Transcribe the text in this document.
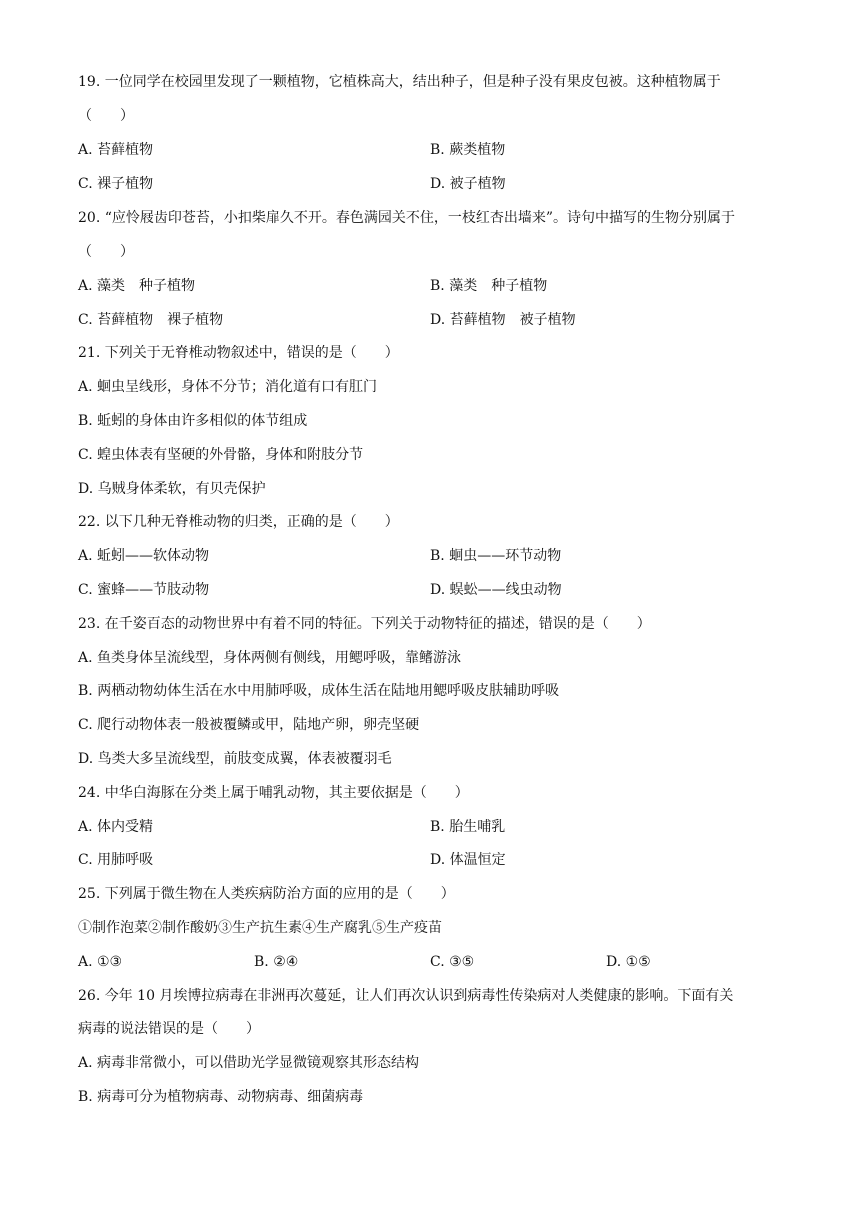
19. 一位同学在校园里发现了一颗植物，它植株高大，结出种子，但是种子没有果皮包被。这种植物属于
（　　）
A. 苔藓植物	B. 蕨类植物
C. 裸子植物	D. 被子植物
20. “应怜屐齿印苍苔，小扣柴扉久不开。春色满园关不住，一枝红杏出墙来”。诗句中描写的生物分别属于
（　　）
A. 藻类　种子植物	B. 藻类　种子植物
C. 苔藓植物　裸子植物	D. 苔藓植物　被子植物
21. 下列关于无脊椎动物叙述中，错误的是（　　）
A. 蛔虫呈线形，身体不分节；消化道有口有肛门
B. 蚯蚓的身体由许多相似的体节组成
C. 蝗虫体表有坚硬的外骨骼，身体和附肢分节
D. 乌贼身体柔软，有贝壳保护
22. 以下几种无脊椎动物的归类，正确的是（　　）
A. 蚯蚓——软体动物	B. 蛔虫——环节动物
C. 蜜蜂——节肢动物	D. 蜈蚣——线虫动物
23. 在千姿百态的动物世界中有着不同的特征。下列关于动物特征的描述，错误的是（　　）
A. 鱼类身体呈流线型，身体两侧有侧线，用鳃呼吸，靠鳍游泳
B. 两栖动物幼体生活在水中用肺呼吸，成体生活在陆地用鳃呼吸皮肤辅助呼吸
C. 爬行动物体表一般被覆鳞或甲，陆地产卵，卵壳坚硬
D. 鸟类大多呈流线型，前肢变成翼，体表被覆羽毛
24. 中华白海豚在分类上属于哺乳动物，其主要依据是（　　）
A. 体内受精	B. 胎生哺乳
C. 用肺呼吸	D. 体温恒定
25. 下列属于微生物在人类疾病防治方面的应用的是（　　）
①制作泡菜②制作酸奶③生产抗生素④生产腐乳⑤生产疫苗
A. ①③	B. ②④	C. ③⑤	D. ①⑤
26. 今年 10 月埃博拉病毒在非洲再次蔓延，让人们再次认识到病毒性传染病对人类健康的影响。下面有关
病毒的说法错误的是（　　）
A. 病毒非常微小，可以借助光学显微镜观察其形态结构
B. 病毒可分为植物病毒、动物病毒、细菌病毒
